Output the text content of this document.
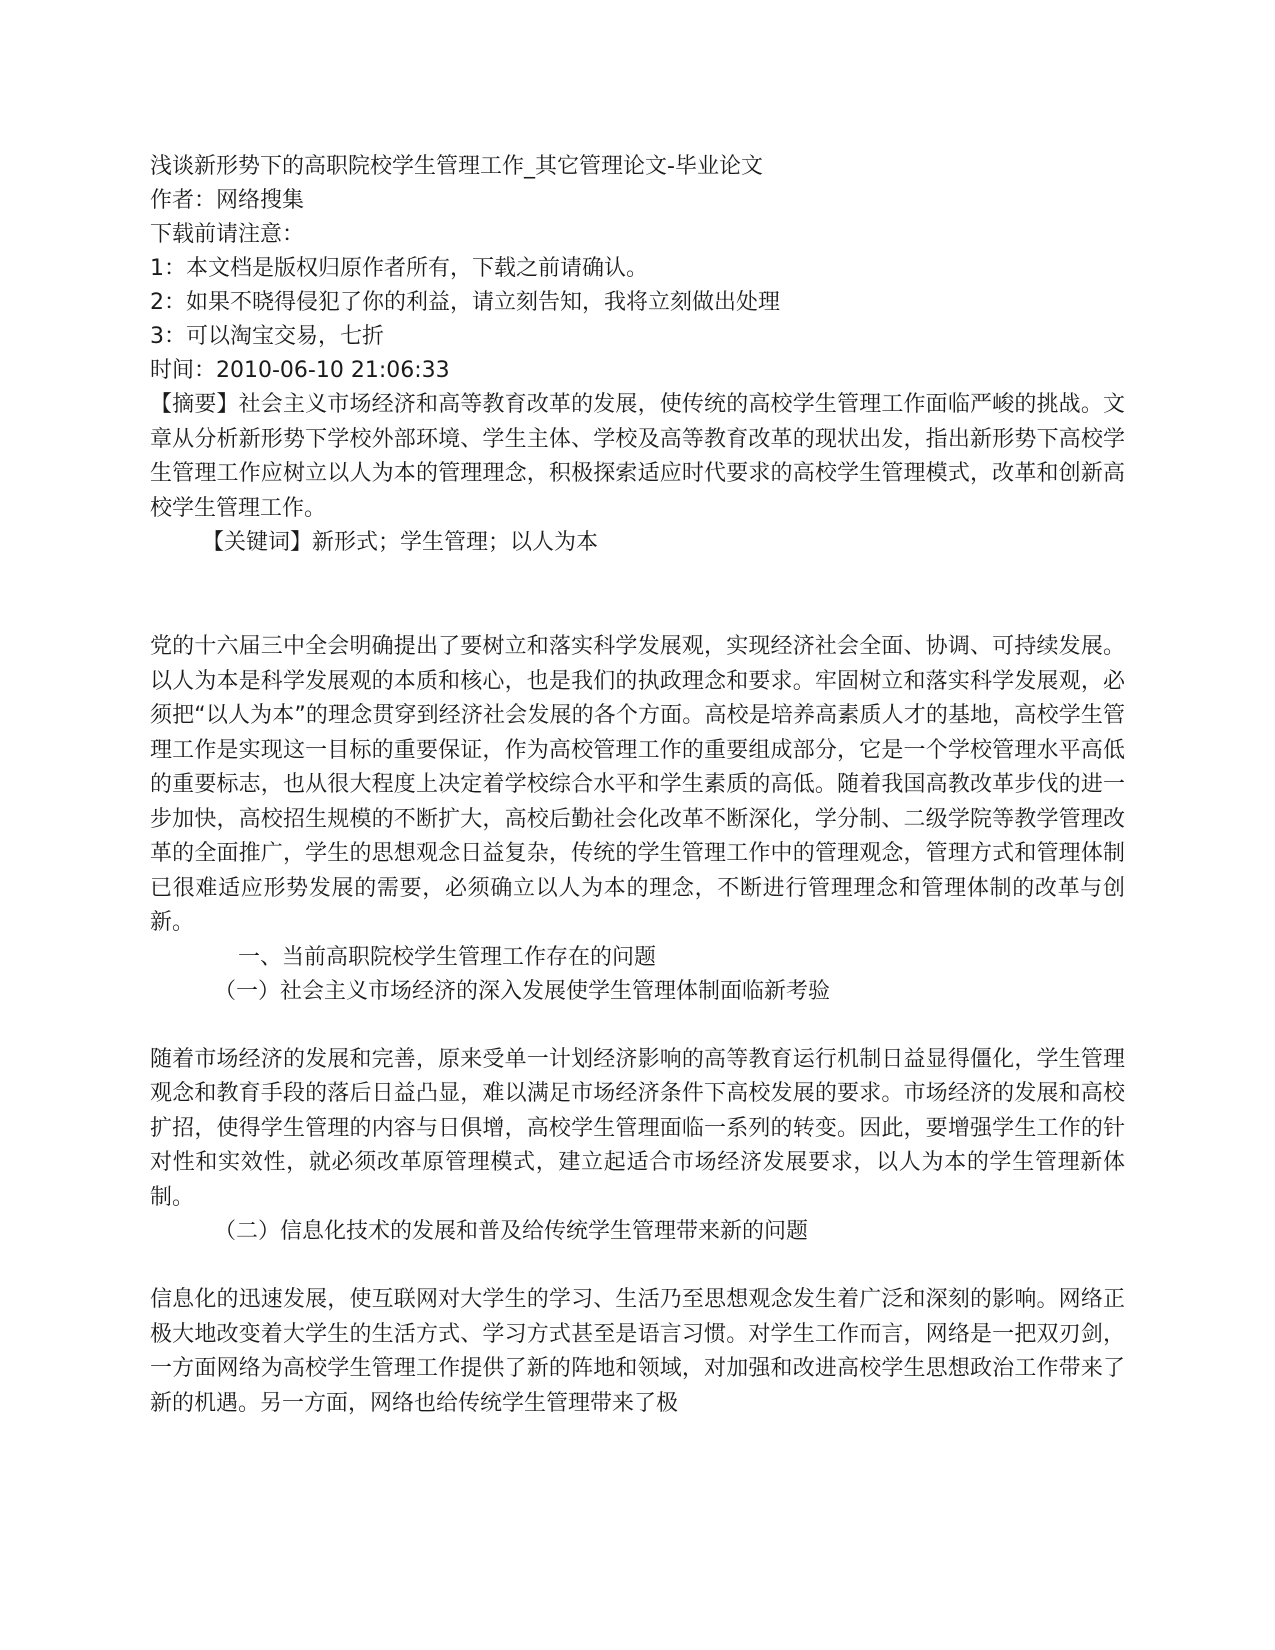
浅谈新形势下的高职院校学生管理工作_其它管理论文-毕业论文

作者：网络搜集

下载前请注意：

1：本文档是版权归原作者所有，下载之前请确认。

2：如果不晓得侵犯了你的利益，请立刻告知，我将立刻做出处理

3：可以淘宝交易，七折

时间：2010-06-10 21:06:33

【摘要】社会主义市场经济和高等教育改革的发展，使传统的高校学生管理工作面临严峻的挑战。文章从分析新形势下学校外部环境、学生主体、学校及高等教育改革的现状出发，指出新形势下高校学生管理工作应树立以人为本的管理理念，积极探索适应时代要求的高校学生管理模式，改革和创新高校学生管理工作。

【关键词】新形式；学生管理；以人为本

党的十六届三中全会明确提出了要树立和落实科学发展观，实现经济社会全面、协调、可持续发展。以人为本是科学发展观的本质和核心，也是我们的执政理念和要求。牢固树立和落实科学发展观，必须把“以人为本”的理念贯穿到经济社会发展的各个方面。高校是培养高素质人才的基地，高校学生管理工作是实现这一目标的重要保证，作为高校管理工作的重要组成部分，它是一个学校管理水平高低的重要标志，也从很大程度上决定着学校综合水平和学生素质的高低。随着我国高教改革步伐的进一步加快，高校招生规模的不断扩大，高校后勤社会化改革不断深化，学分制、二级学院等教学管理改革的全面推广，学生的思想观念日益复杂，传统的学生管理工作中的管理观念，管理方式和管理体制已很难适应形势发展的需要，必须确立以人为本的理念，不断进行管理理念和管理体制的改革与创新。

一、当前高职院校学生管理工作存在的问题

（一）社会主义市场经济的深入发展使学生管理体制面临新考验

随着市场经济的发展和完善，原来受单一计划经济影响的高等教育运行机制日益显得僵化，学生管理观念和教育手段的落后日益凸显，难以满足市场经济条件下高校发展的要求。市场经济的发展和高校扩招，使得学生管理的内容与日俱增，高校学生管理面临一系列的转变。因此，要增强学生工作的针对性和实效性，就必须改革原管理模式，建立起适合市场经济发展要求，以人为本的学生管理新体制。

（二）信息化技术的发展和普及给传统学生管理带来新的问题

信息化的迅速发展，使互联网对大学生的学习、生活乃至思想观念发生着广泛和深刻的影响。网络正极大地改变着大学生的生活方式、学习方式甚至是语言习惯。对学生工作而言，网络是一把双刃剑，一方面网络为高校学生管理工作提供了新的阵地和领域，对加强和改进高校学生思想政治工作带来了新的机遇。另一方面，网络也给传统学生管理带来了极
